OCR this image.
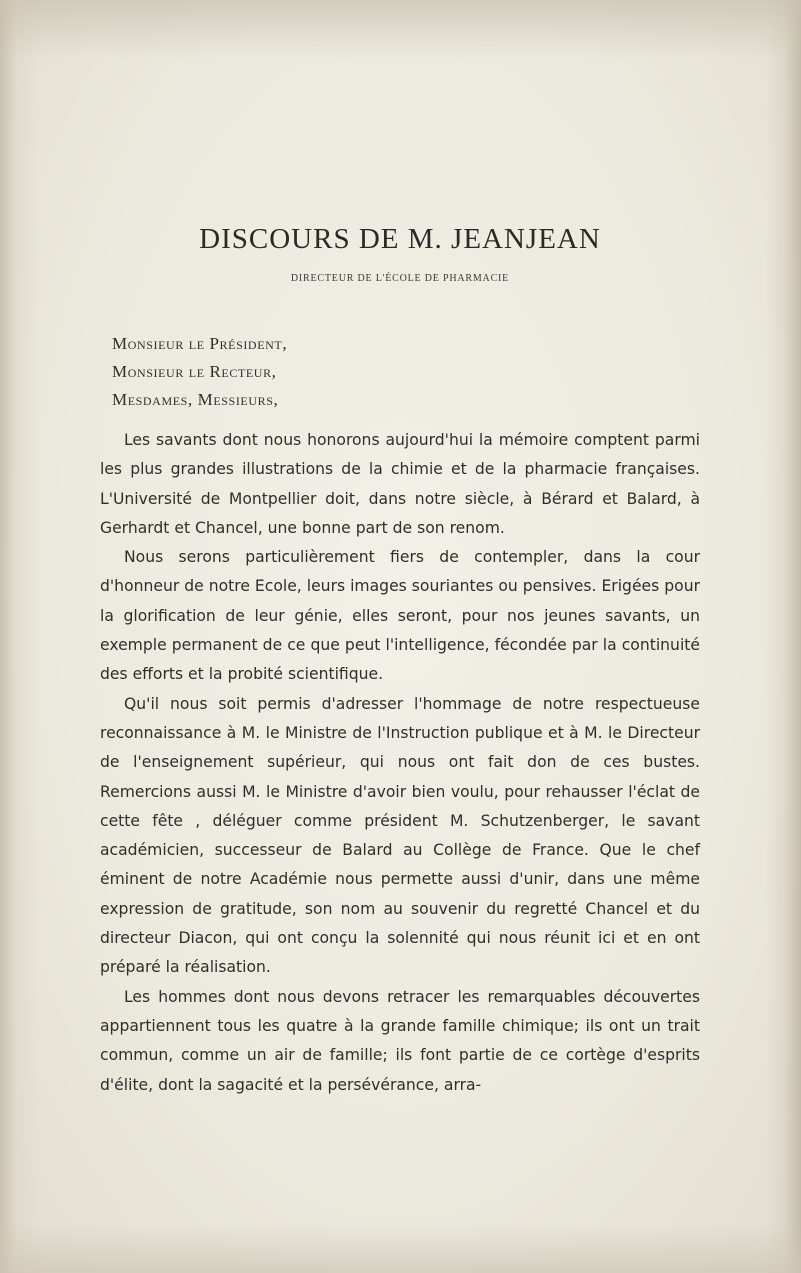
DISCOURS DE M. JEANJEAN
DIRECTEUR DE L'ÉCOLE DE PHARMACIE
Monsieur le Président,
Monsieur le Recteur,
Mesdames, Messieurs,

Les savants dont nous honorons aujourd'hui la mémoire comptent parmi les plus grandes illustrations de la chimie et de la pharmacie françaises. L'Université de Montpellier doit, dans notre siècle, à Bérard et Balard, à Gerhardt et Chancel, une bonne part de son renom.

Nous serons particulièrement fiers de contempler, dans la cour d'honneur de notre Ecole, leurs images souriantes ou pensives. Erigées pour la glorification de leur génie, elles seront, pour nos jeunes savants, un exemple permanent de ce que peut l'intelligence, fécondée par la continuité des efforts et la probité scientifique.

Qu'il nous soit permis d'adresser l'hommage de notre respectueuse reconnaissance à M. le Ministre de l'Instruction publique et à M. le Directeur de l'enseignement supérieur, qui nous ont fait don de ces bustes. Remercions aussi M. le Ministre d'avoir bien voulu, pour rehausser l'éclat de cette fête , déléguer comme président M. Schutzenberger, le savant académicien, successeur de Balard au Collège de France. Que le chef éminent de notre Académie nous permette aussi d'unir, dans une même expression de gratitude, son nom au souvenir du regretté Chancel et du directeur Diacon, qui ont conçu la solennité qui nous réunit ici et en ont préparé la réalisation.

Les hommes dont nous devons retracer les remarquables découvertes appartiennent tous les quatre à la grande famille chimique; ils ont un trait commun, comme un air de famille; ils font partie de ce cortège d'esprits d'élite, dont la sagacité et la persévérance, arra-
